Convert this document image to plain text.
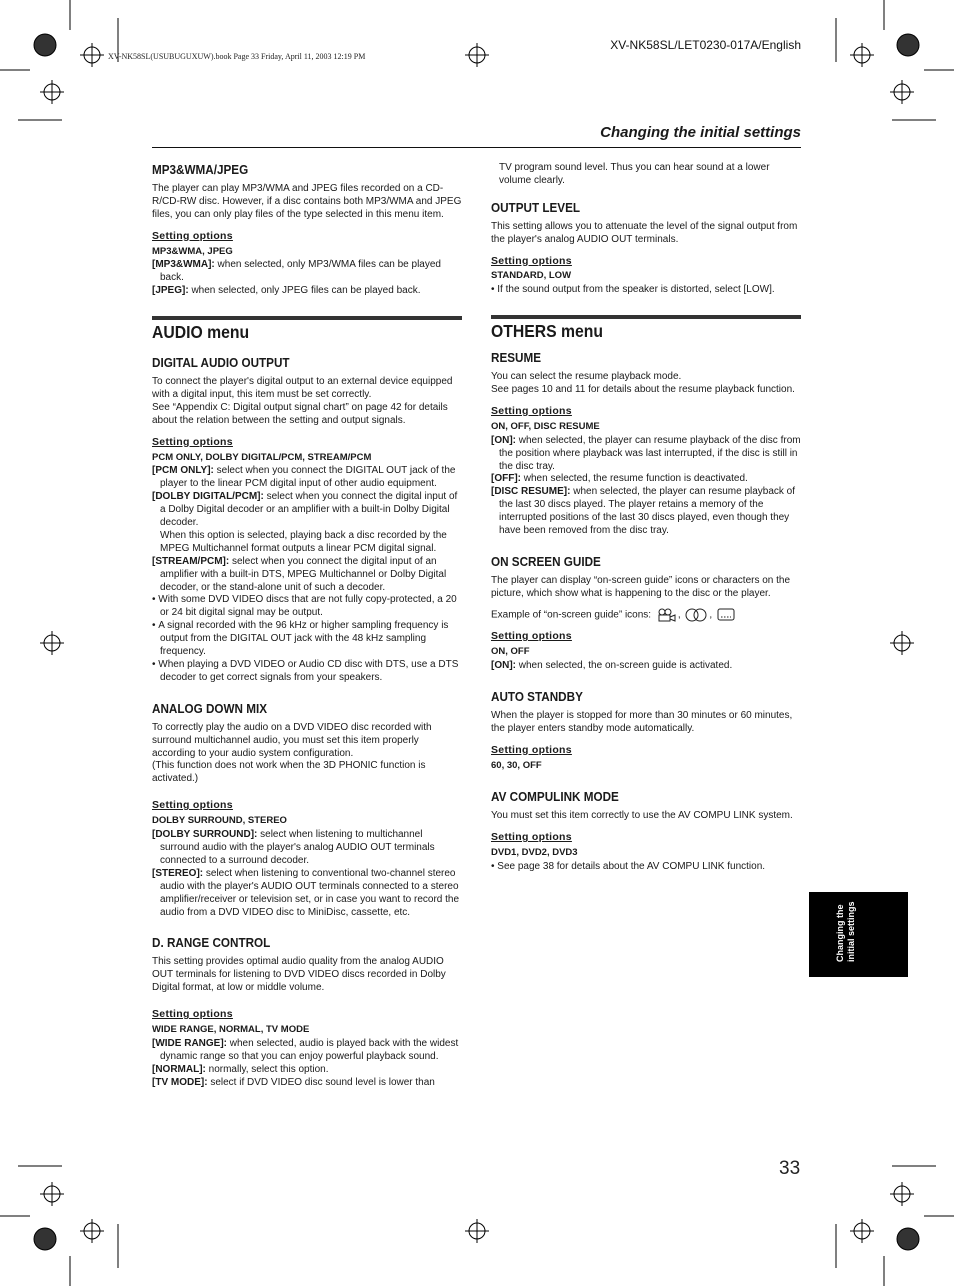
XV-NK58SL(USUBUGUXUW).book Page 33 Friday, April 11, 2003 12:19 PM
XV-NK58SL/LET0230-017A/English
Changing the initial settings
MP3&WMA/JPEG

The player can play MP3/WMA and JPEG files recorded on a CD-R/CD-RW disc. However, if a disc contains both MP3/WMA and JPEG files, you can only play files of the type selected in this menu item.

Setting options
MP3&WMA, JPEG
[MP3&WMA]: when selected, only MP3/WMA files can be played back.
[JPEG]: when selected, only JPEG files can be played back.
AUDIO menu
DIGITAL AUDIO OUTPUT

To connect the player's digital output to an external device equipped with a digital input, this item must be set correctly.

See “Appendix C: Digital output signal chart” on page 42 for details about the relation between the setting and output signals.

Setting options
PCM ONLY, DOLBY DIGITAL/PCM, STREAM/PCM
[PCM ONLY]: select when you connect the DIGITAL OUT jack of the player to the linear PCM digital input of other audio equipment.
[DOLBY DIGITAL/PCM]: select when you connect the digital input of a Dolby Digital decoder or an amplifier with a built-in Dolby Digital decoder.
When this option is selected, playing back a disc recorded by the MPEG Multichannel format outputs a linear PCM digital signal.
[STREAM/PCM]: select when you connect the digital input of an amplifier with a built-in DTS, MPEG Multichannel or Dolby Digital decoder, or the stand-alone unit of such a decoder.
• With some DVD VIDEO discs that are not fully copy-protected, a 20 or 24 bit digital signal may be output.
• A signal recorded with the 96 kHz or higher sampling frequency is output from the DIGITAL OUT jack with the 48 kHz sampling frequency.
• When playing a DVD VIDEO or Audio CD disc with DTS, use a DTS decoder to get correct signals from your speakers.
ANALOG DOWN MIX

To correctly play the audio on a DVD VIDEO disc recorded with surround multichannel audio, you must set this item properly according to your audio system configuration.

(This function does not work when the 3D PHONIC function is activated.)

Setting options
DOLBY SURROUND, STEREO
[DOLBY SURROUND]: select when listening to multichannel surround audio with the player's analog AUDIO OUT terminals connected to a surround decoder.
[STEREO]: select when listening to conventional two-channel stereo audio with the player's AUDIO OUT terminals connected to a stereo amplifier/receiver or television set, or in case you want to record the audio from a DVD VIDEO disc to MiniDisc, cassette, etc.
D. RANGE CONTROL

This setting provides optimal audio quality from the analog AUDIO OUT terminals for listening to DVD VIDEO discs recorded in Dolby Digital format, at low or middle volume.

Setting options
WIDE RANGE, NORMAL, TV MODE
[WIDE RANGE]: when selected, audio is played back with the widest dynamic range so that you can enjoy powerful playback sound.
[NORMAL]: normally, select this option.
[TV MODE]: select if DVD VIDEO disc sound level is lower than

TV program sound level. Thus you can hear sound at a lower volume clearly.

OUTPUT LEVEL

This setting allows you to attenuate the level of the signal output from the player's analog AUDIO OUT terminals.

Setting options
STANDARD, LOW
• If the sound output from the speaker is distorted, select [LOW].
OTHERS menu
RESUME

You can select the resume playback mode.

See pages 10 and 11 for details about the resume playback function.

Setting options
ON, OFF, DISC RESUME
[ON]: when selected, the player can resume playback of the disc from the position where playback was last interrupted, if the disc is still in the disc tray.
[OFF]: when selected, the resume function is deactivated.
[DISC RESUME]: when selected, the player can resume playback of the last 30 discs played. The player retains a memory of the interrupted positions of the last 30 discs played, even though they have been removed from the disc tray.
ON SCREEN GUIDE

The player can display “on-screen guide” icons or characters on the picture, which show what is happening to the disc or the player.

Example of “on-screen guide” icons:	,	,

Setting options
ON, OFF
[ON]: when selected, the on-screen guide is activated.
AUTO STANDBY

When the player is stopped for more than 30 minutes or 60 minutes, the player enters standby mode automatically.

Setting options
60, 30, OFF
AV COMPULINK MODE

You must set this item correctly to use the AV COMPU LINK system.

Setting options
DVD1, DVD2, DVD3
• See page 38 for details about the AV COMPU LINK function.
Changing the initial settings
33
